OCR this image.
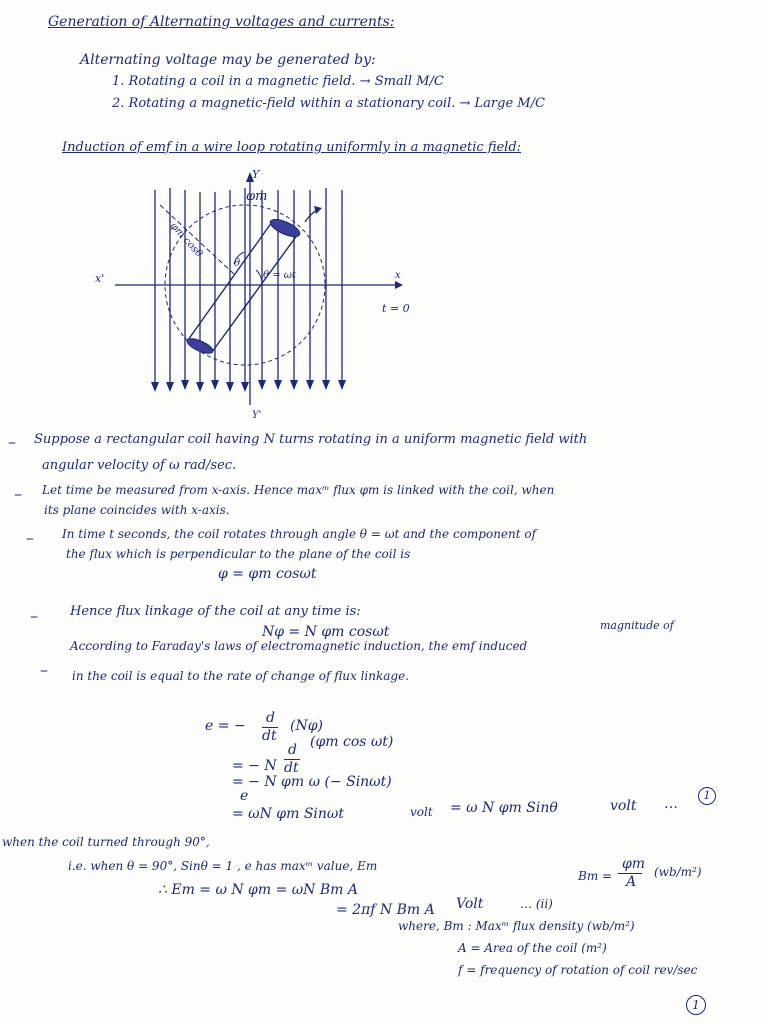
Generation of Alternating voltages and currents:
Alternating voltage may be generated by:
1. Rotating a coil in a magnetic field. → Small M/C
2. Rotating a magnetic-field within a stationary coil. → Large M/C
Induction of emf in a wire loop rotating uniformly in a magnetic field:
Y
φm
φm cosθ
θ
θ = ωt	x
x'
Y'
t = 0
– Suppose a rectangular coil having N turns rotating in a uniform magnetic field with
angular velocity of ω rad/sec.
– Let time be measured from x-axis. Hence maxᵐ flux φm is linked with the coil, when
its plane coincides with x-axis.
– In time t seconds, the coil rotates through angle θ = ωt and the component of
the flux which is perpendicular to the plane of the coil is
φ = φm cosωt
– Hence flux linkage of the coil at any time is:
Nφ = N φm cosωt	magnitude of
–
According to Faraday's laws of electromagnetic induction, the emf induced
in the coil is equal to the rate of change of flux linkage.
e = − d
dt
(Nφ)
= − N
d
dt
(φm cos ωt)
= − N φm ω (− Sinωt)
e
= ωN φm Sinωt	volt = ω N φm Sinθ	volt …
1
when the coil turned through 90°,
i.e. when θ = 90°, Sinθ = 1 , e has maxᵐ value, Em
∴ Em = ω N φm = ωN Bm A
Bm =
φm
A
(wb/m²)
= 2πf N Bm A Volt	… (ii)
where, Bm : Maxᵐ flux density (wb/m²)
A = Area of the coil (m²)
f = frequency of rotation of coil rev/sec
1
